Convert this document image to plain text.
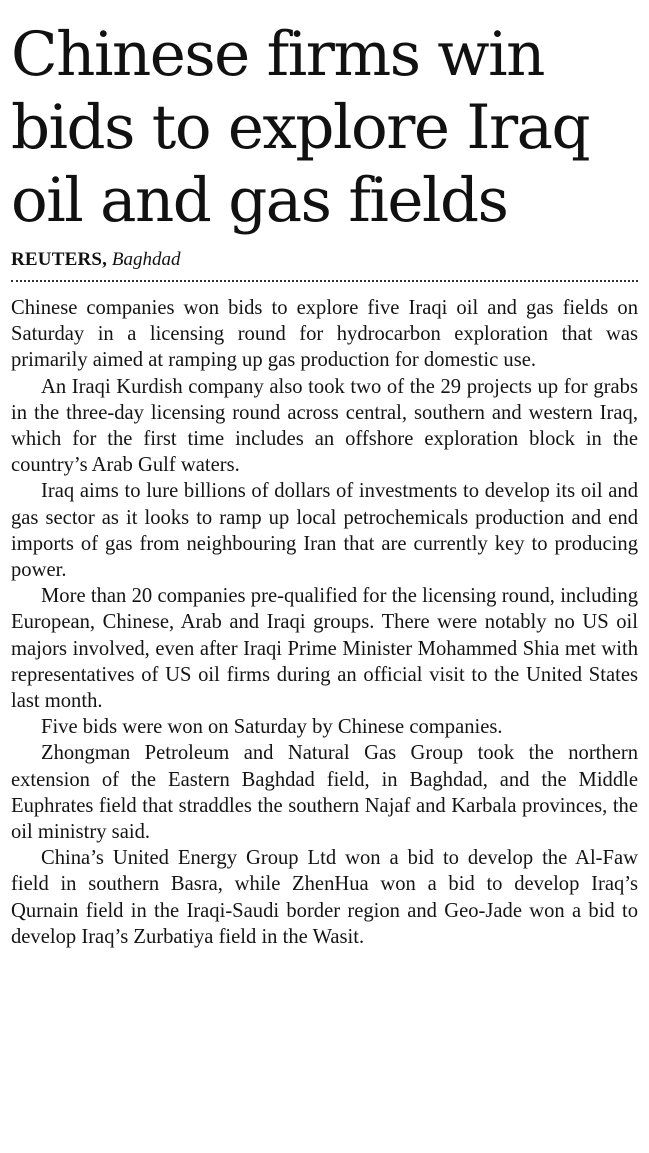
Chinese firms win
bids to explore Iraq
oil and gas fields
REUTERS, Baghdad

Chinese companies won bids to explore five Iraqi oil and gas fields on Saturday in a licensing round for hydrocarbon exploration that was primarily aimed at ramping up gas production for domestic use.

An Iraqi Kurdish company also took two of the 29 projects up for grabs in the three-day licensing round across central, southern and western Iraq, which for the first time includes an offshore exploration block in the country’s Arab Gulf waters.

Iraq aims to lure billions of dollars of investments to develop its oil and gas sector as it looks to ramp up local petrochemicals production and end imports of gas from neighbouring Iran that are currently key to producing power.

More than 20 companies pre-qualified for the licensing round, including European, Chinese, Arab and Iraqi groups. There were notably no US oil majors involved, even after Iraqi Prime Minister Mohammed Shia met with representatives of US oil firms during an official visit to the United States last month.

Five bids were won on Saturday by Chinese companies.

Zhongman Petroleum and Natural Gas Group took the northern extension of the Eastern Baghdad field, in Baghdad, and the Middle Euphrates field that straddles the southern Najaf and Karbala provinces, the oil ministry said.

China’s United Energy Group Ltd won a bid to develop the Al-Faw field in southern Basra, while ZhenHua won a bid to develop Iraq’s Qurnain field in the Iraqi-Saudi border region and Geo-Jade won a bid to develop Iraq’s Zurbatiya field in the Wasit.
